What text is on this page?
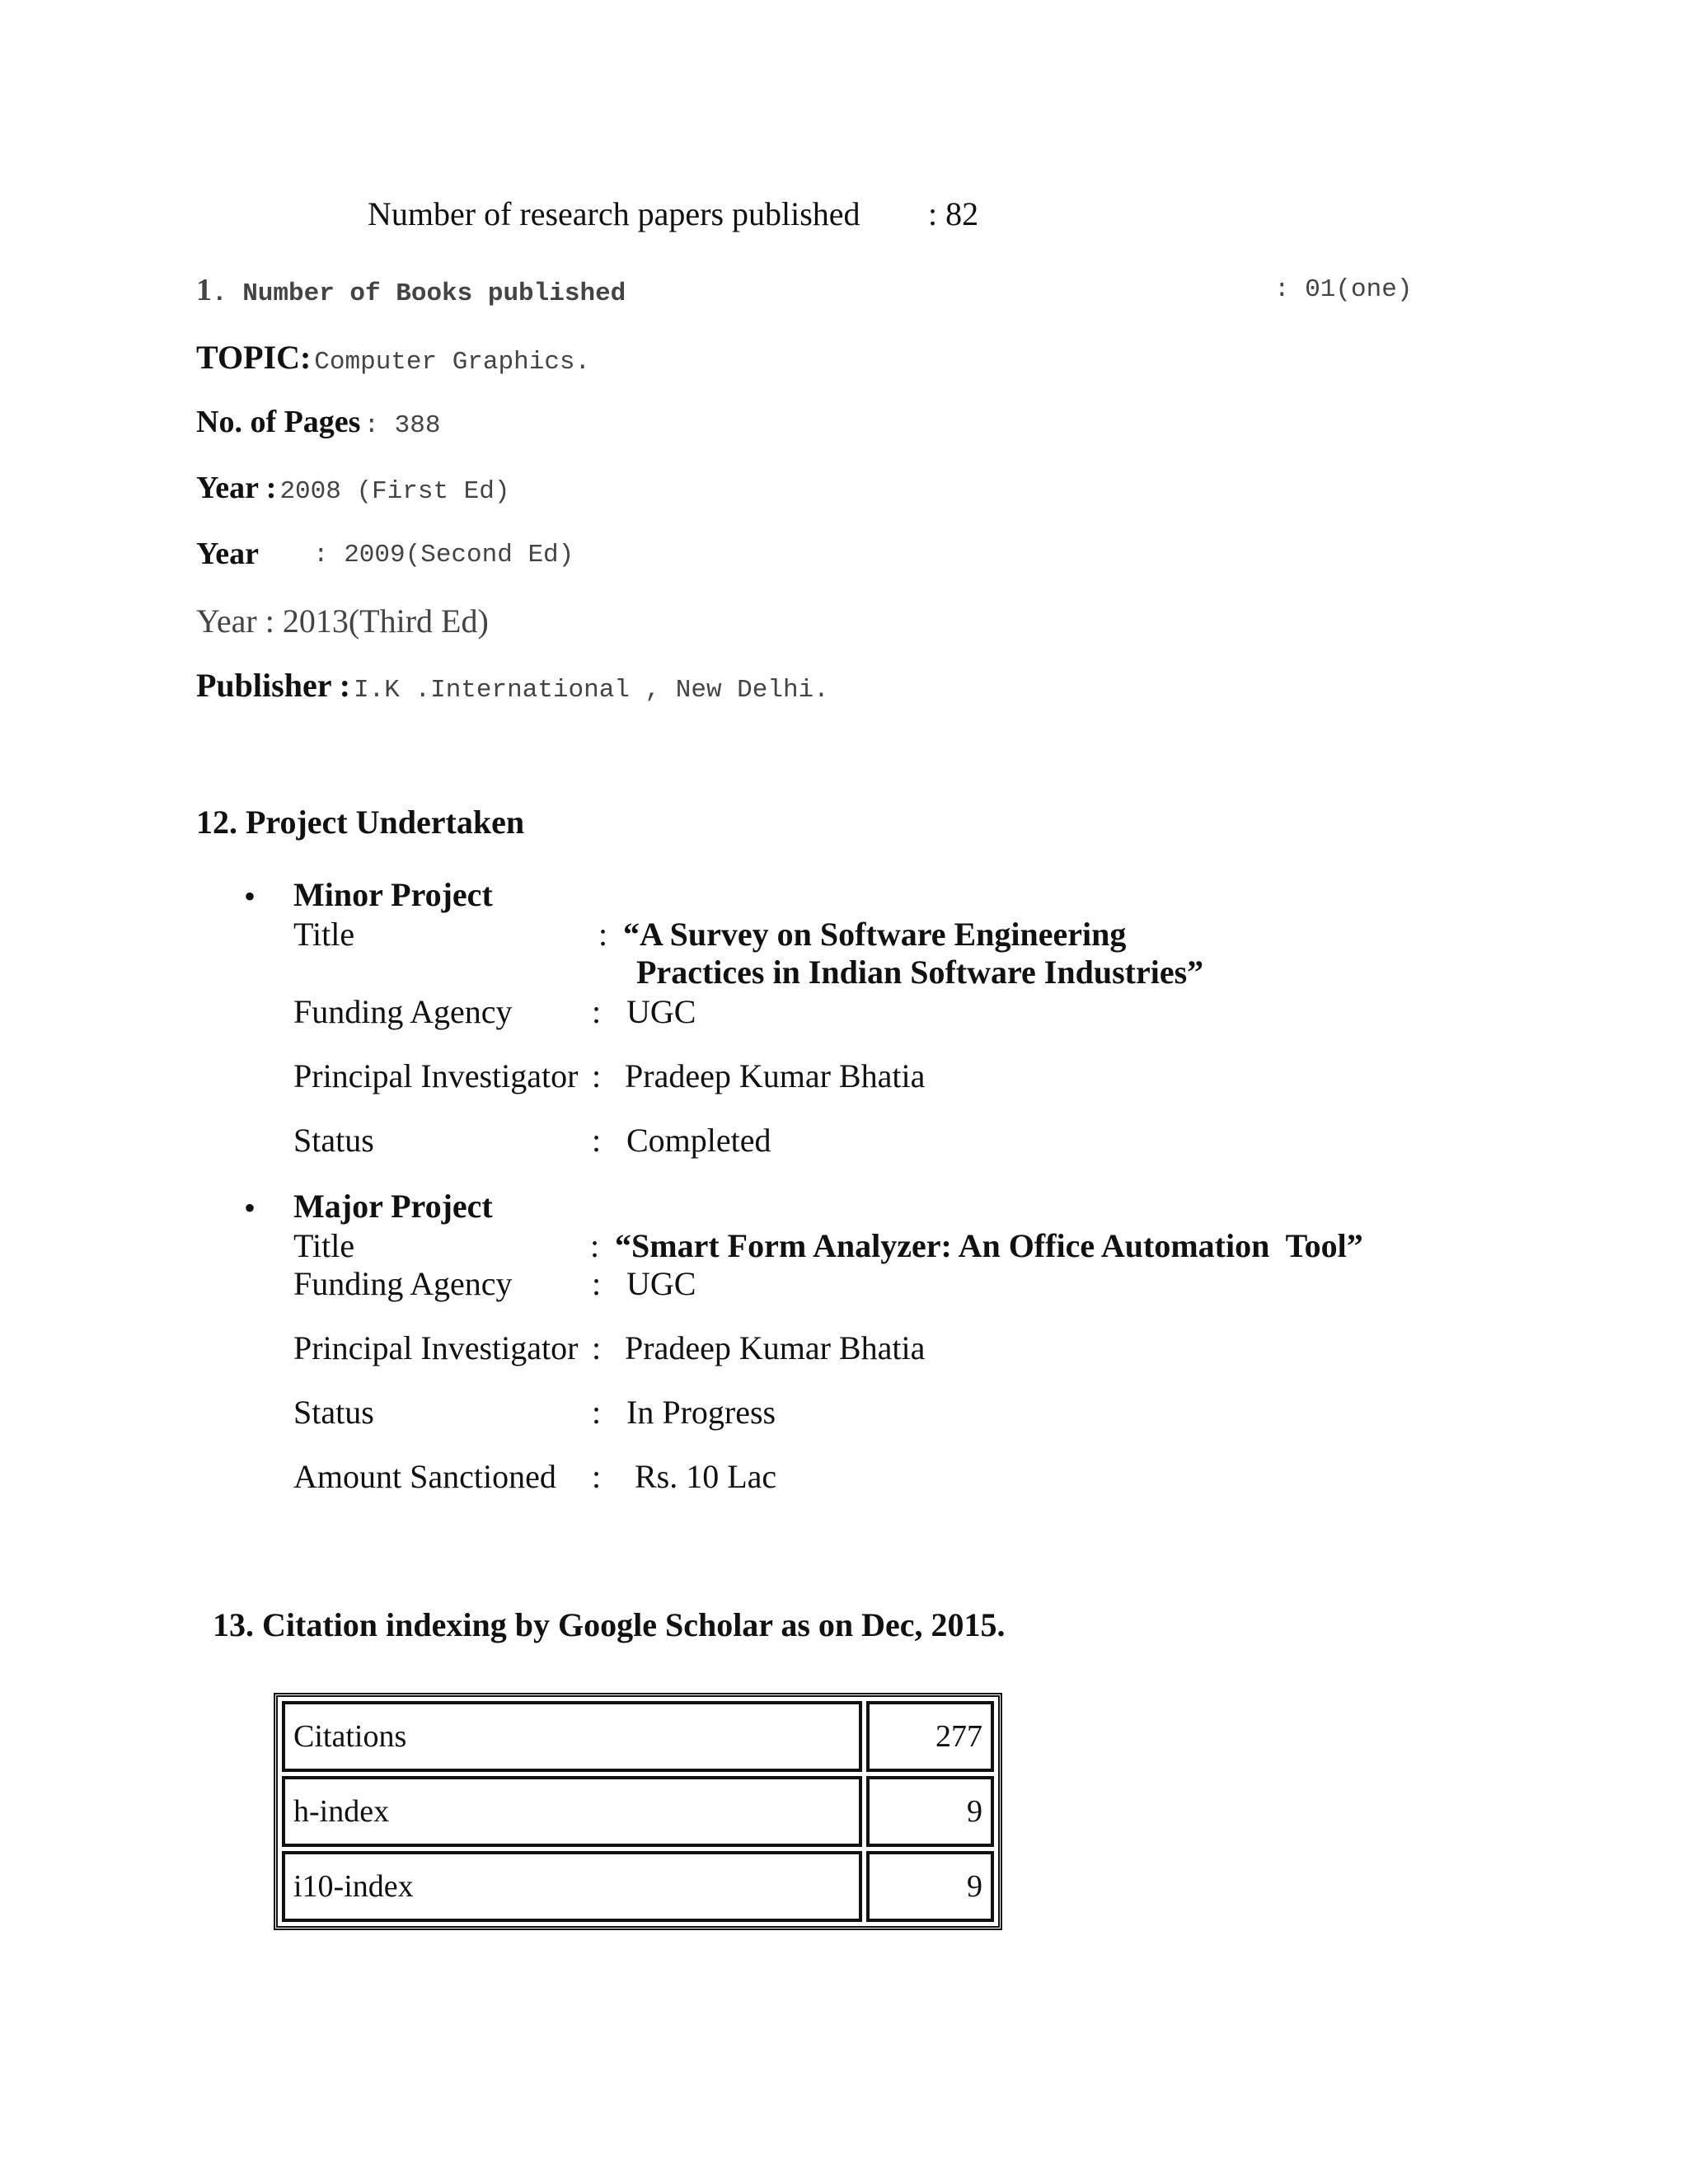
Number of research papers published : 82
1. Number of Books published	: 01(one)
TOPIC: Computer Graphics.
No. of Pages : 388
Year : 2008 (First Ed)
Year : 2009(Second Ed)
Year : 2013(Third Ed)
Publisher : I.K .International , New Delhi.
12. Project Undertaken
• Minor Project
Title	: “A Survey on Software Engineering
Practices in Indian Software Industries”
Funding Agency : UGC
Principal Investigator : Pradeep Kumar Bhatia
Status	: Completed
• Major Project
Title	: “Smart Form Analyzer: An Office Automation  Tool”
Funding Agency : UGC
Principal Investigator : Pradeep Kumar Bhatia
Status	: In Progress
Amount Sanctioned : Rs. 10 Lac
13. Citation indexing by Google Scholar as on Dec, 2015.
Citations	277
h-index	9
i10-index	9
